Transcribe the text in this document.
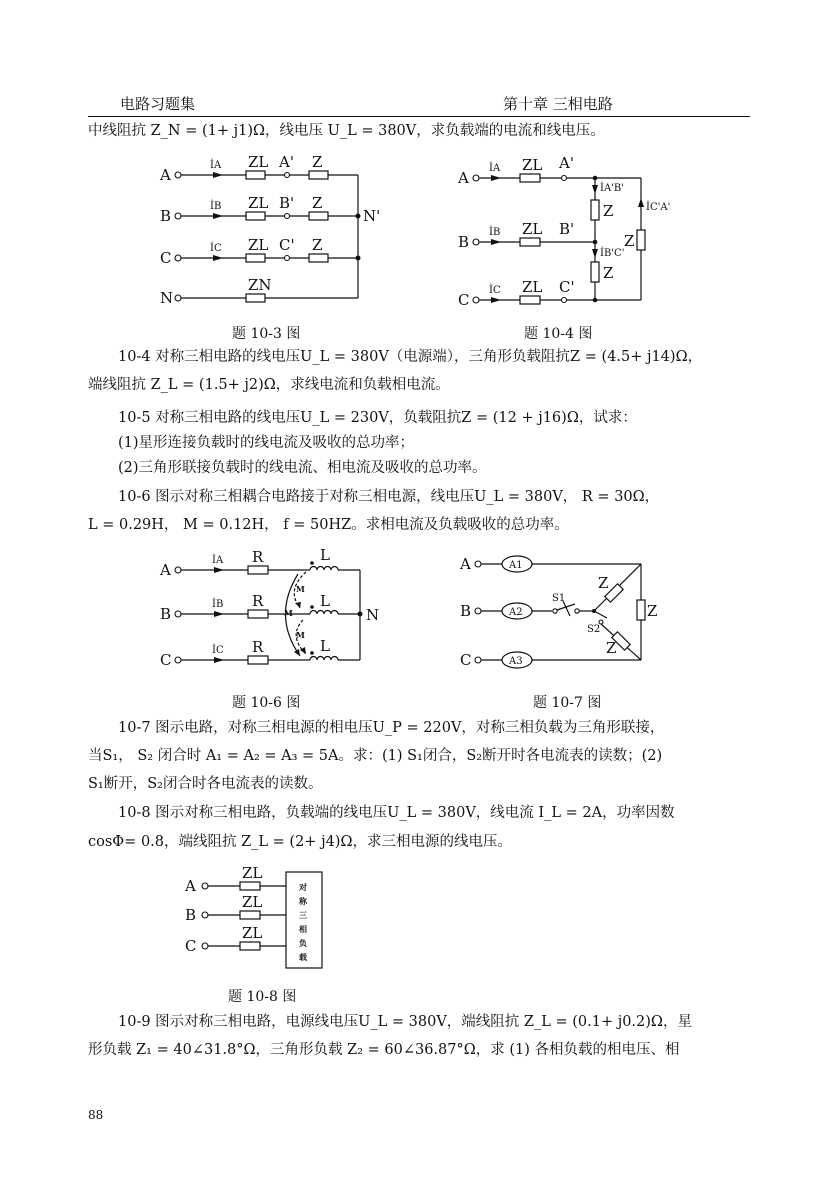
电路习题集	第十章 三相电路
中线阻抗 Z_N = (1+ j1)Ω，线电压 U_L = 380V，求负载端的电流和线电压。
A
B
C
N
İA
İB
İC
ZL
ZL
ZL
ZN
A'
B'
C'
Z
Z
Z
N'
A
B
C
İA
İB
İC
ZL
ZL
ZL
A'
B'
C'
İA'B'
İB'C'
İC'A'
Z
Z
Z
题 10-3 图	题 10-4 图
10-4 对称三相电路的线电压U_L = 380V（电源端），三角形负载阻抗Z = (4.5+ j14)Ω，
端线阻抗 Z_L = (1.5+ j2)Ω，求线电流和负载相电流。
10-5 对称三相电路的线电压U_L = 230V，负载阻抗Z = (12 + j16)Ω，试求：
(1)星形连接负载时的线电流及吸收的总功率；
(2)三角形联接负载时的线电流、相电流及吸收的总功率。
10-6 图示对称三相耦合电路接于对称三相电源，线电压U_L = 380V， R = 30Ω，
L = 0.29H， M = 0.12H， f = 50HZ。求相电流及负载吸收的总功率。
A
B
C
İA
İB
İC
R
R
R
L
L
L
M
M
M
N
A
B
C
A1
A2
A3
S1
S2
Z
Z
Z
题 10-6 图	题 10-7 图
10-7 图示电路，对称三相电源的相电压U_P = 220V，对称三相负载为三角形联接，
当S₁， S₂ 闭合时 A₁ = A₂ = A₃ = 5A。求：(1) S₁闭合，S₂断开时各电流表的读数；(2)
S₁断开，S₂闭合时各电流表的读数。
10-8 图示对称三相电路，负载端的线电压U_L = 380V，线电流 I_L = 2A，功率因数
cosΦ= 0.8，端线阻抗 Z_L = (2+ j4)Ω，求三相电源的线电压。
A
B
C
ZL
ZL
ZL
对
称
三
相
负
载
题 10-8 图
10-9 图示对称三相电路，电源线电压U_L = 380V，端线阻抗 Z_L = (0.1+ j0.2)Ω，星
形负载 Z₁ = 40∠31.8°Ω，三角形负载 Z₂ = 60∠36.87°Ω，求 (1) 各相负载的相电压、相
88
